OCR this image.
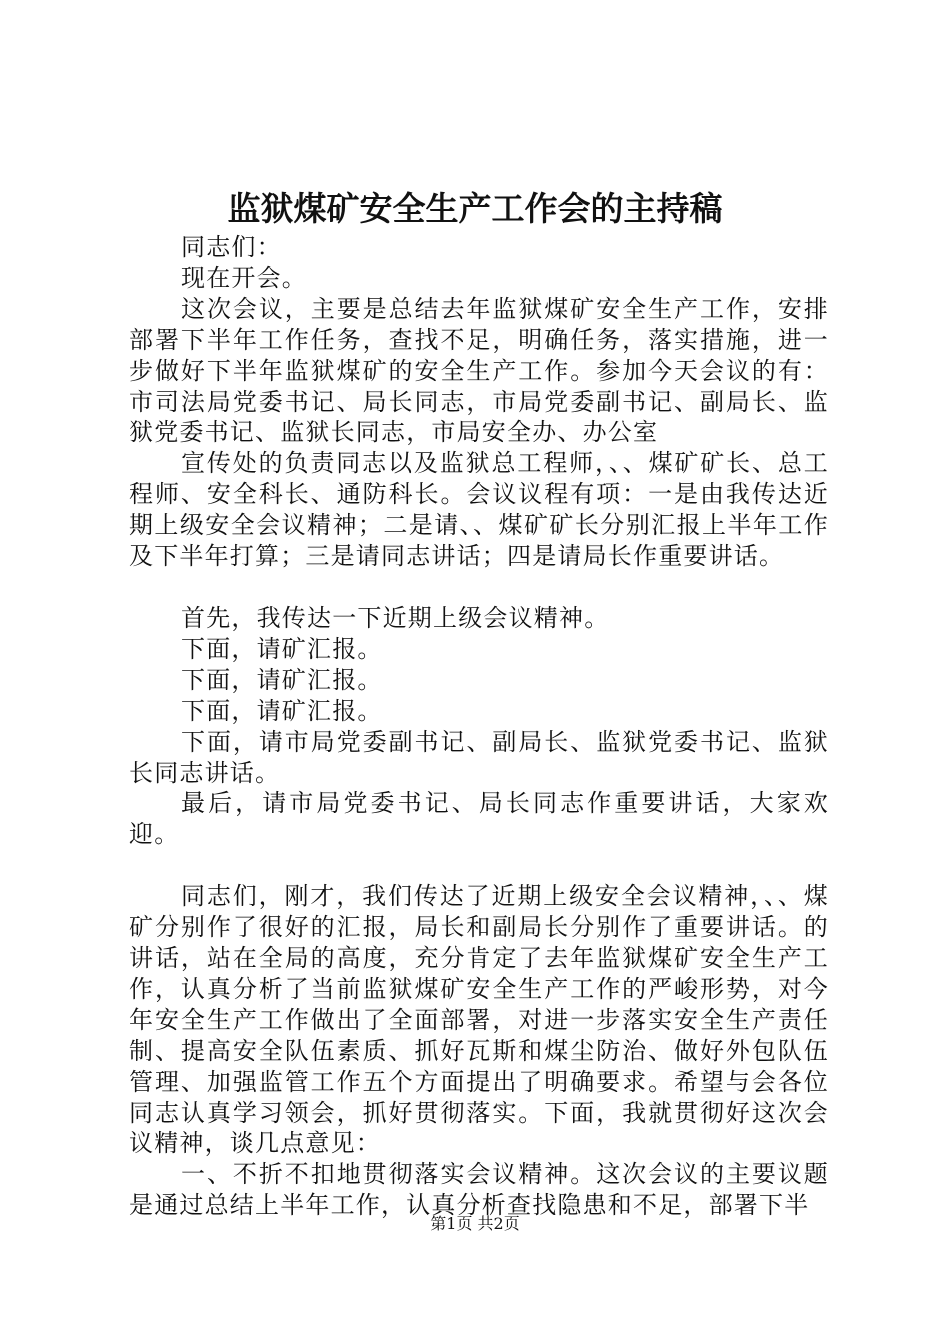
监狱煤矿安全生产工作会的主持稿

同志们：

现在开会。

这次会议，主要是总结去年监狱煤矿安全生产工作，安排部署下半年工作任务，查找不足，明确任务，落实措施，进一步做好下半年监狱煤矿的安全生产工作。参加今天会议的有：市司法局党委书记、局长同志，市局党委副书记、副局长、监狱党委书记、监狱长同志，市局安全办、办公室

宣传处的负责同志以及监狱总工程师，、、煤矿矿长、总工程师、安全科长、通防科长。会议议程有项：一是由我传达近期上级安全会议精神；二是请、、煤矿矿长分别汇报上半年工作及下半年打算；三是请同志讲话；四是请局长作重要讲话。

首先，我传达一下近期上级会议精神。

下面，请矿汇报。

下面，请矿汇报。

下面，请矿汇报。

下面，请市局党委副书记、副局长、监狱党委书记、监狱长同志讲话。

最后，请市局党委书记、局长同志作重要讲话，大家欢迎。

同志们，刚才，我们传达了近期上级安全会议精神，、、煤矿分别作了很好的汇报，局长和副局长分别作了重要讲话。的讲话，站在全局的高度，充分肯定了去年监狱煤矿安全生产工作，认真分析了当前监狱煤矿安全生产工作的严峻形势，对今年安全生产工作做出了全面部署，对进一步落实安全生产责任制、提高安全队伍素质、抓好瓦斯和煤尘防治、做好外包队伍管理、加强监管工作五个方面提出了明确要求。希望与会各位同志认真学习领会，抓好贯彻落实。下面，我就贯彻好这次会议精神，谈几点意见：

一、不折不扣地贯彻落实会议精神。这次会议的主要议题是通过总结上半年工作，认真分析查找隐患和不足，部署下半

第1页 共2页
